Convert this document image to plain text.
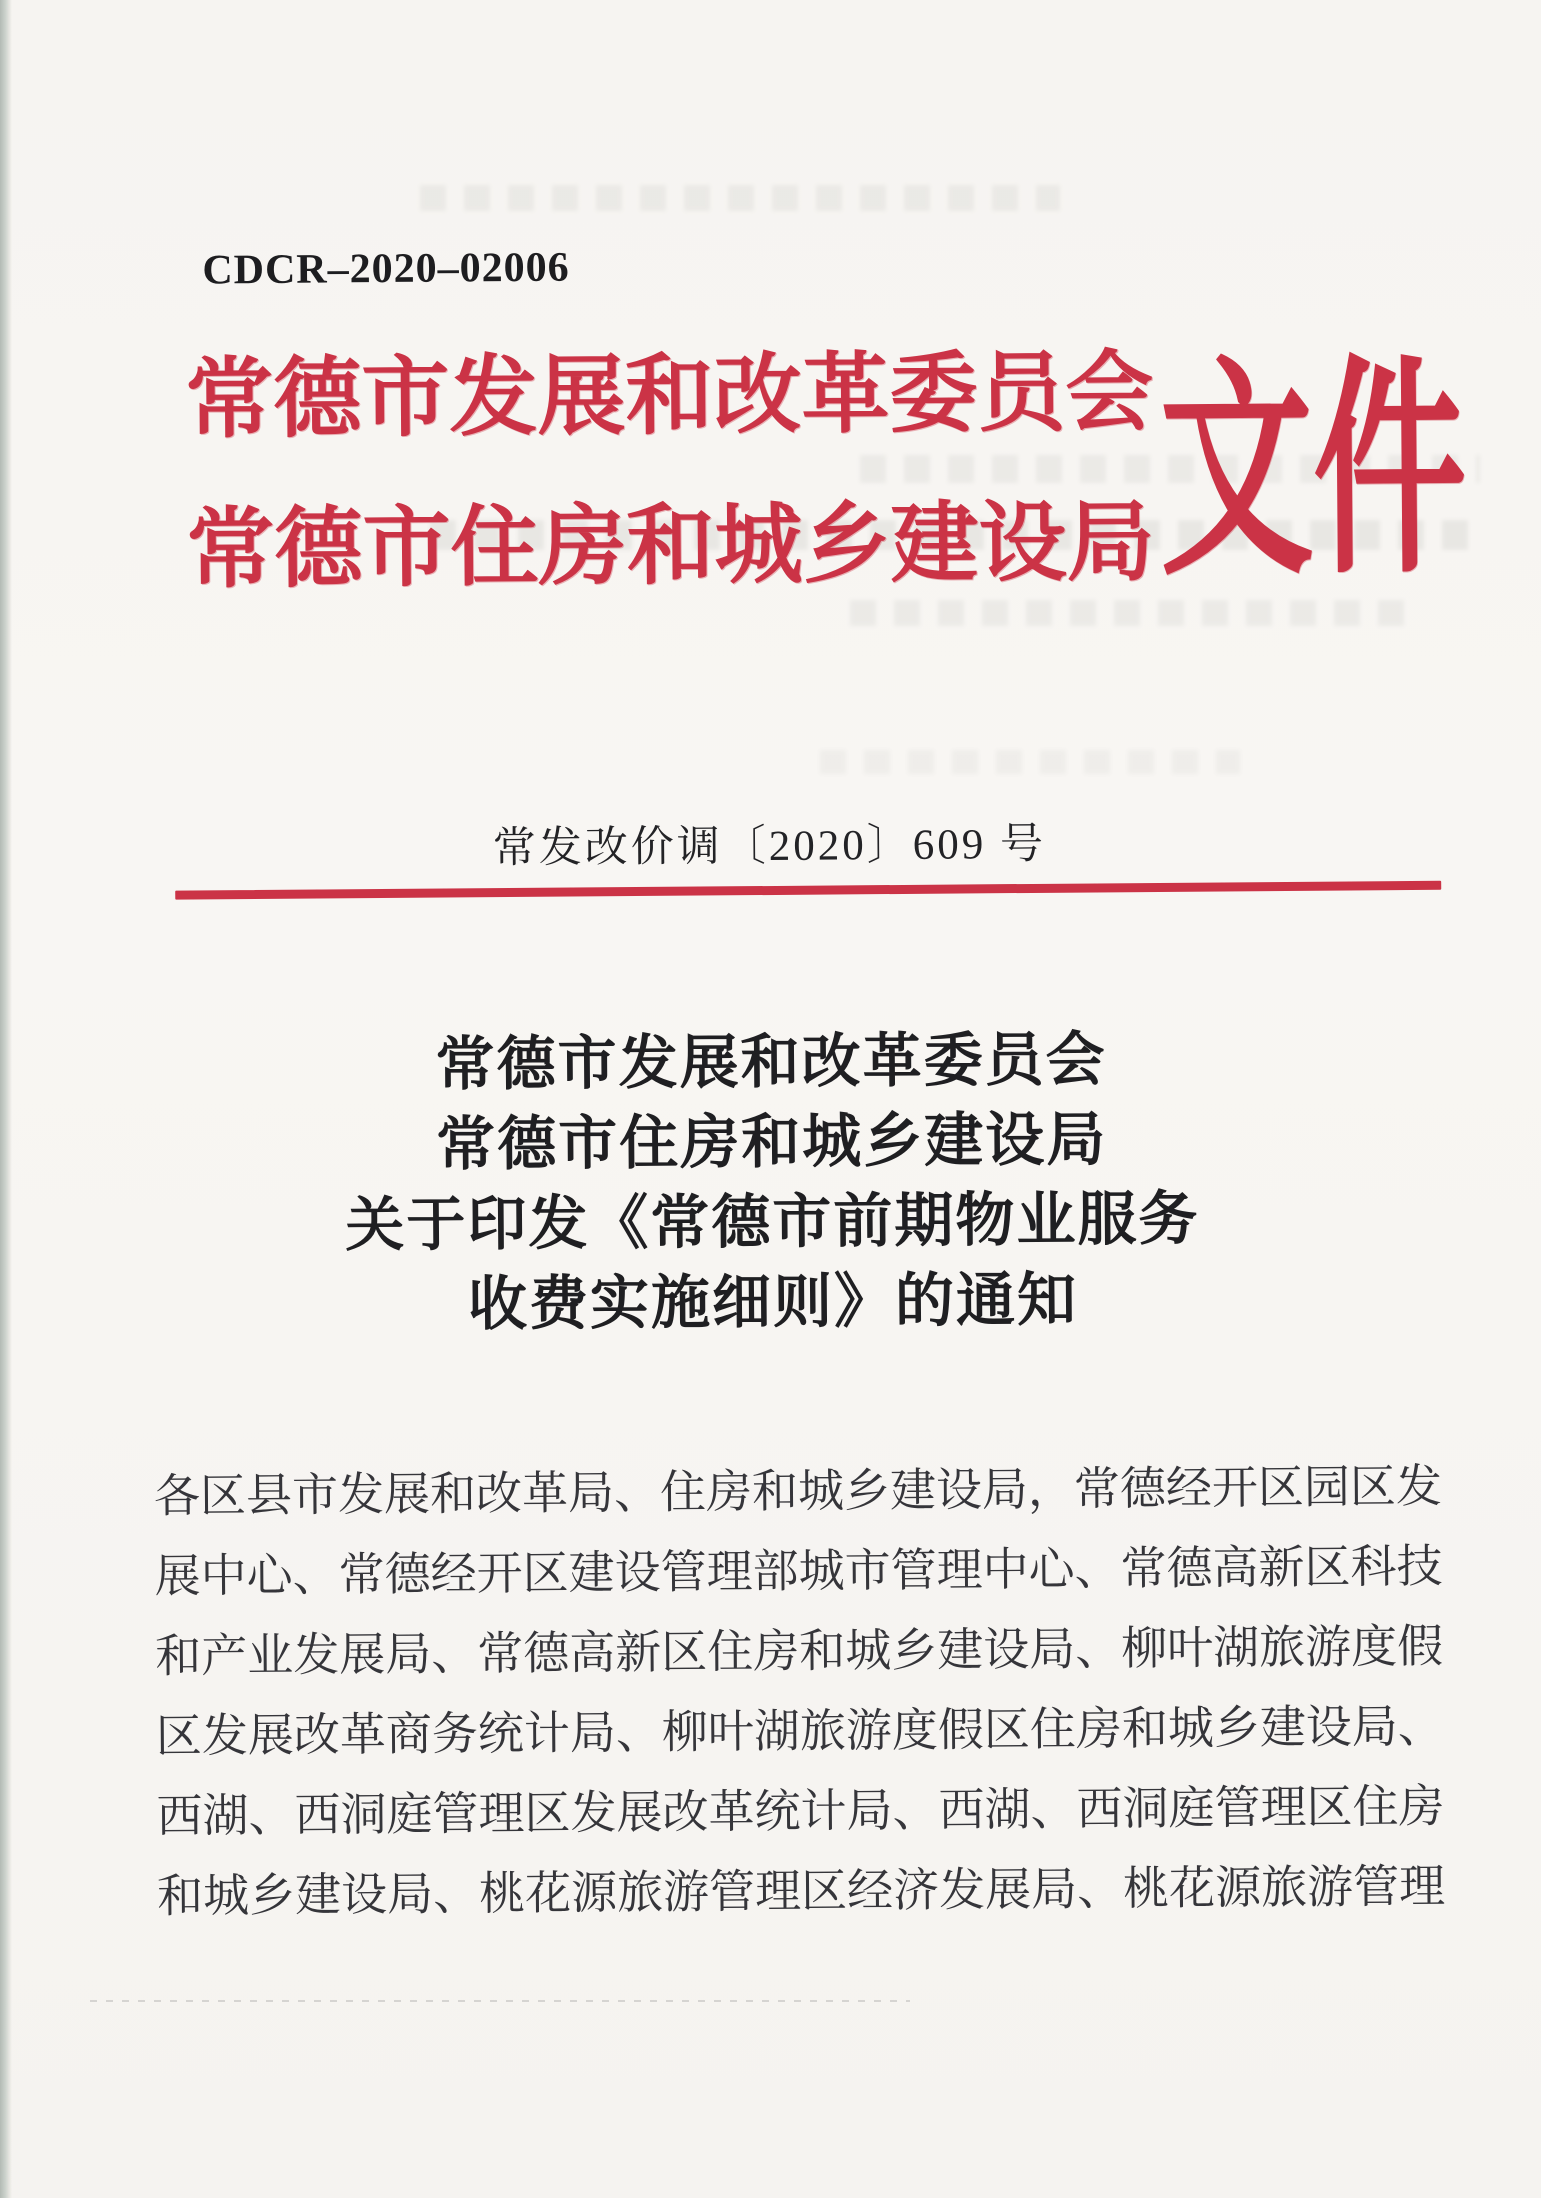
CDCR–2020–02006
常德市发展和改革委员会
常德市住房和城乡建设局 文件
常发改价调〔2020〕609 号
常德市发展和改革委员会
常德市住房和城乡建设局
关于印发《常德市前期物业服务
收费实施细则》的通知
各区县市发展和改革局、住房和城乡建设局，常德经开区园区发
展中心、常德经开区建设管理部城市管理中心、常德高新区科技
和产业发展局、常德高新区住房和城乡建设局、柳叶湖旅游度假
区发展改革商务统计局、柳叶湖旅游度假区住房和城乡建设局、
西湖、西洞庭管理区发展改革统计局、西湖、西洞庭管理区住房
和城乡建设局、桃花源旅游管理区经济发展局、桃花源旅游管理
